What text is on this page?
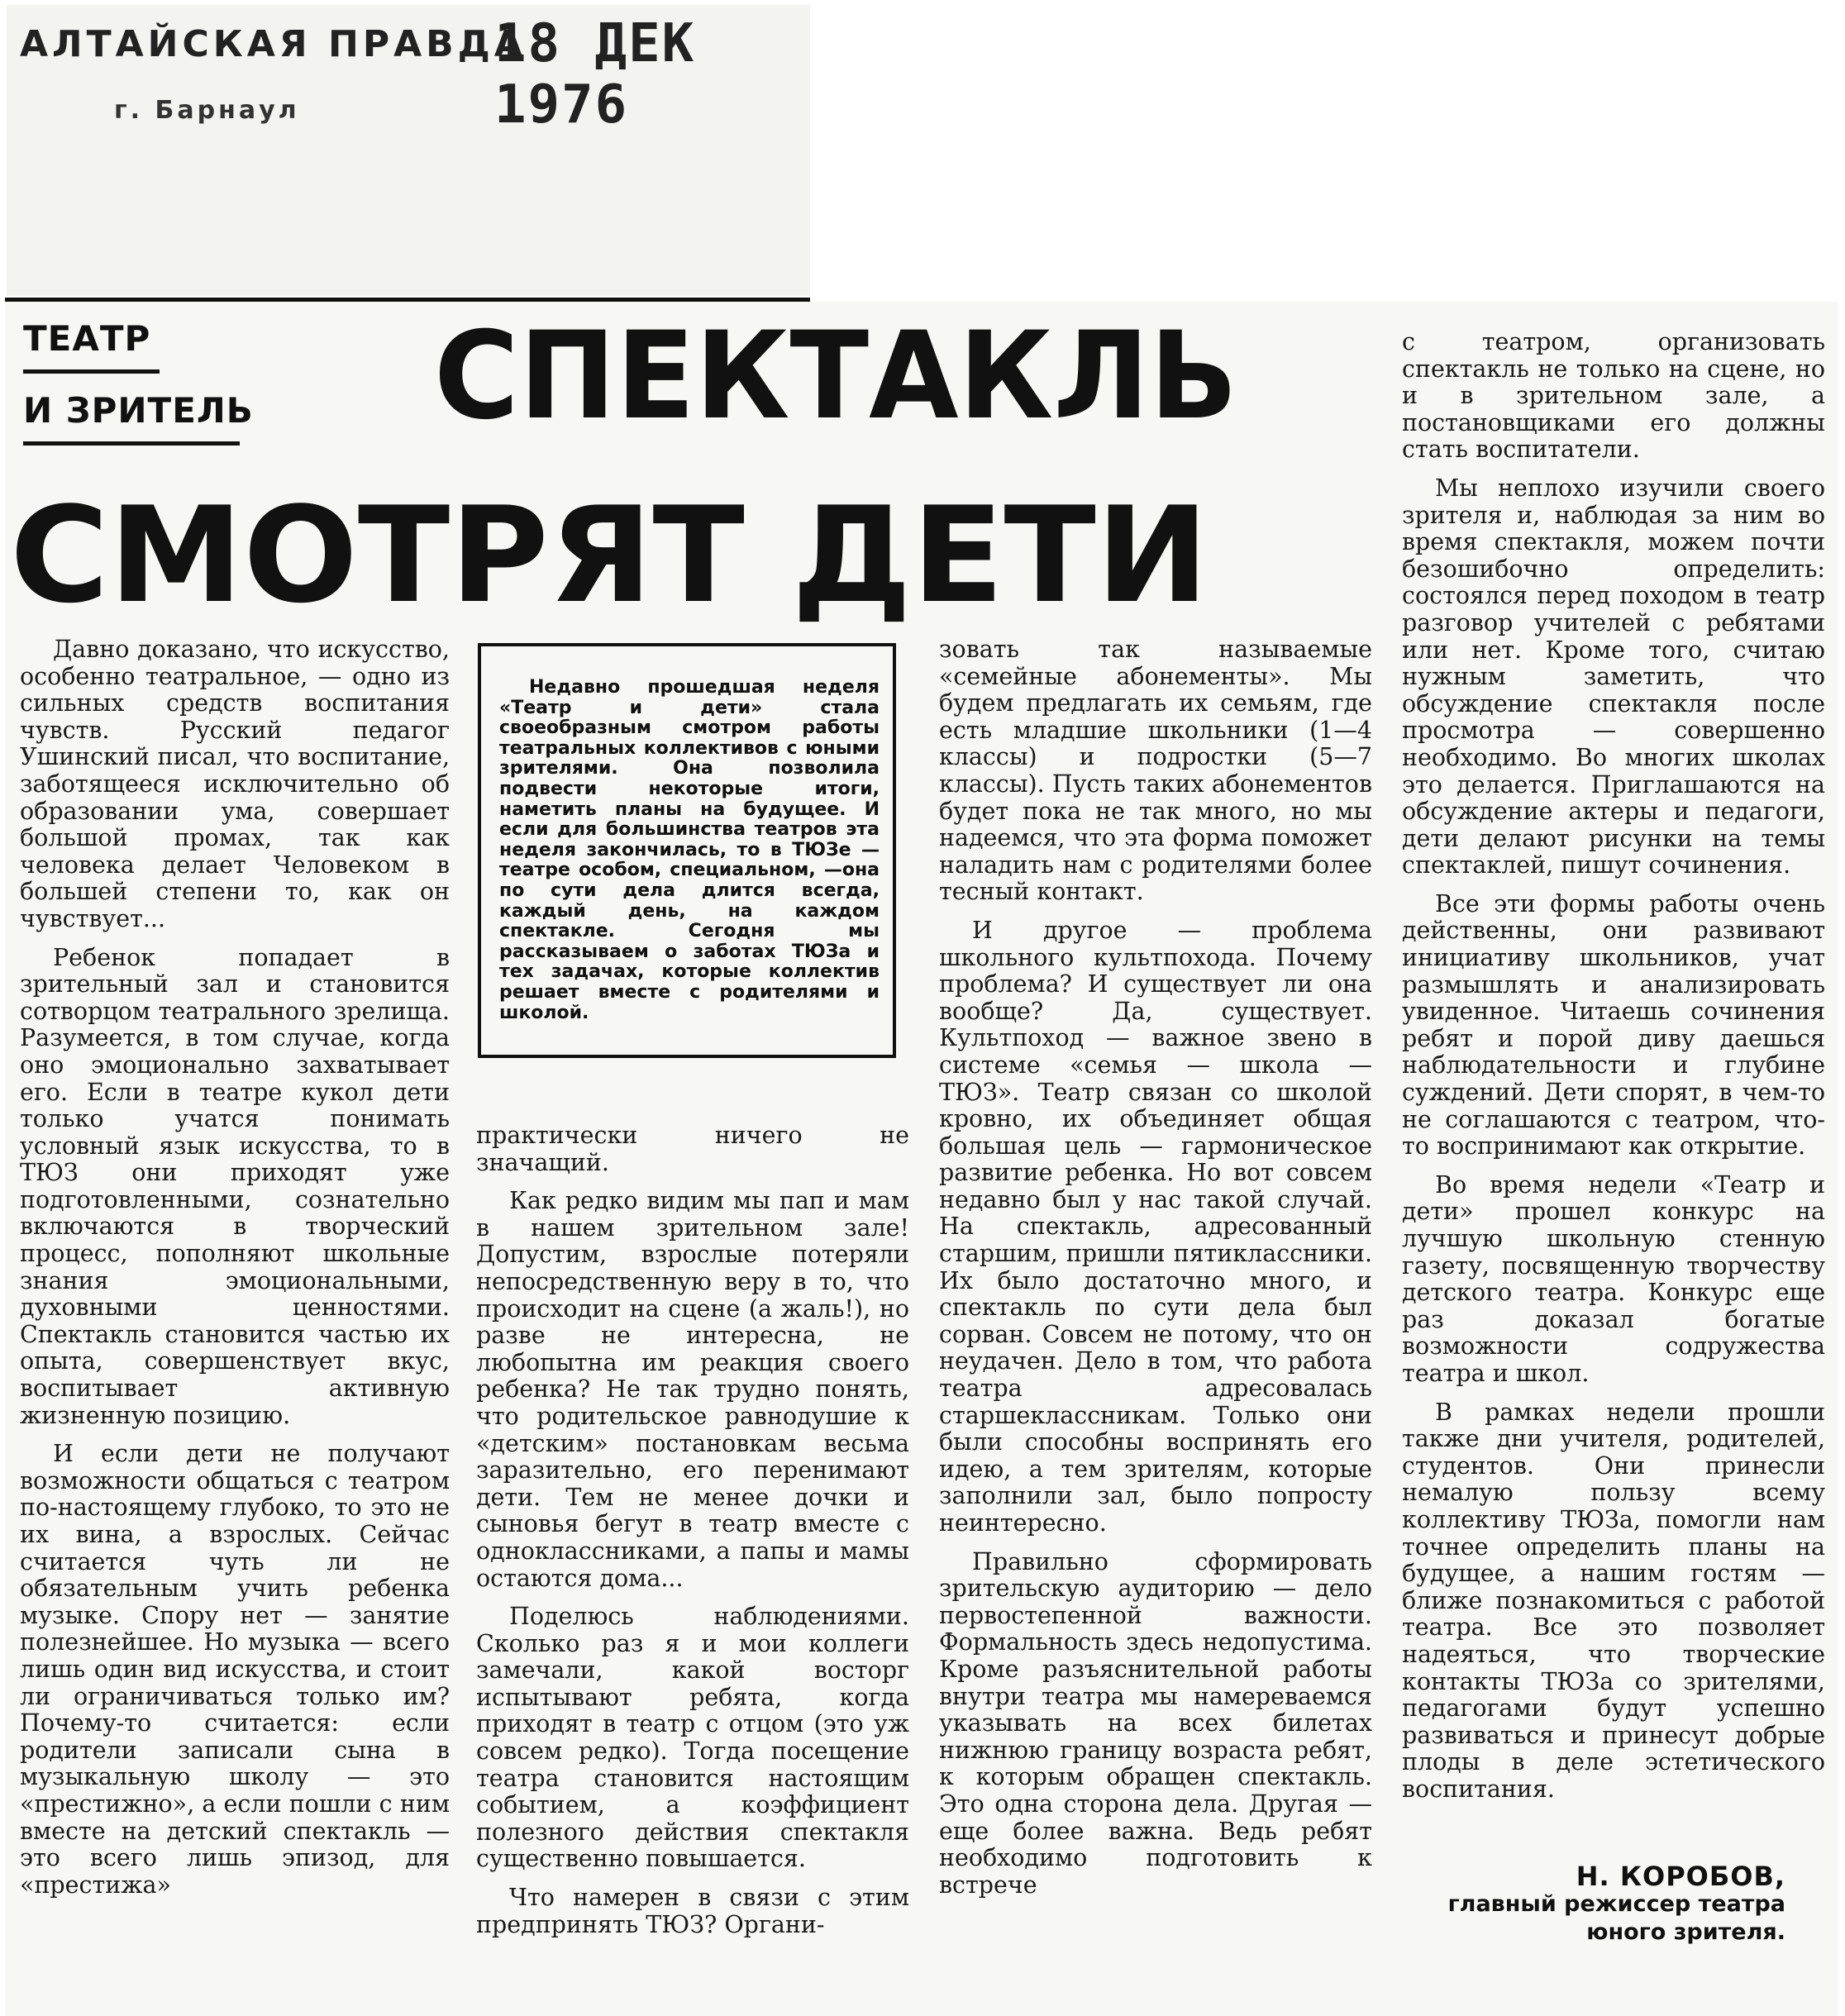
АЛТАЙСКАЯ ПРАВДА
г. Барнаул
18 ДЕК 1976
ТЕАТР
И ЗРИТЕЛЬ СПЕКТАКЛЬ
СМОТРЯТ ДЕТИ

Давно доказано, что искусство, особенно театральное, — одно из сильных средств воспитания чувств. Русский педагог Ушинский писал, что воспитание, заботящееся исключительно об образовании ума, совершает большой промах, так как человека делает Человеком в большей степени то, как он чувствует...

Ребенок попадает в зрительный зал и становится сотворцом театрального зрелища. Разумеется, в том случае, когда оно эмоционально захватывает его. Если в театре кукол дети только учатся понимать условный язык искусства, то в ТЮЗ они приходят уже подготовленными, сознательно включаются в творческий процесс, пополняют школьные знания эмоциональными, духовными ценностями. Спектакль становится частью их опыта, совершенствует вкус, воспитывает активную жизненную позицию.

И если дети не получают возможности общаться с театром по-настоящему глубоко, то это не их вина, а взрослых. Сейчас считается чуть ли не обязательным учить ребенка музыке. Спору нет — занятие полезнейшее. Но музыка — всего лишь один вид искусства, и стоит ли ограничиваться только им? Почему-то считается: если родители записали сына в музыкальную школу — это «престижно», а если пошли с ним вместе на детский спектакль — это всего лишь эпизод, для «престижа»

Недавно прошедшая неделя «Театр и дети» стала своеобразным смотром работы театральных коллективов с юными зрителями. Она позволила подвести некоторые итоги, наметить планы на будущее. И если для большинства театров эта неделя закончилась, то в ТЮЗе — театре особом, специальном, —она по сути дела длится всегда, каждый день, на каждом спектакле. Сегодня мы рассказываем о заботах ТЮЗа и тех задачах, которые коллектив решает вместе с родителями и школой.

практически ничего не значащий.

Как редко видим мы пап и мам в нашем зрительном зале! Допустим, взрослые потеряли непосредственную веру в то, что происходит на сцене (а жаль!), но разве не интересна, не любопытна им реакция своего ребенка? Не так трудно понять, что родительское равнодушие к «детским» постановкам весьма заразительно, его перенимают дети. Тем не менее дочки и сыновья бегут в театр вместе с одноклассниками, а папы и мамы остаются дома...

Поделюсь наблюдениями. Сколько раз я и мои коллеги замечали, какой восторг испытывают ребята, когда приходят в театр с отцом (это уж совсем редко). Тогда посещение театра становится настоящим событием, а коэффициент полезного действия спектакля существенно повышается.

Что намерен в связи с этим предпринять ТЮЗ? Органи-

зовать так называемые «семейные абонементы». Мы будем предлагать их семьям, где есть младшие школьники (1—4 классы) и подростки (5—7 классы). Пусть таких абонементов будет пока не так много, но мы надеемся, что эта форма поможет наладить нам с родителями более тесный контакт.

И другое — проблема школьного культпохода. Почему проблема? И существует ли она вообще? Да, существует. Культпоход — важное звено в системе «семья — школа — ТЮЗ». Театр связан со школой кровно, их объединяет общая большая цель — гармоническое развитие ребенка. Но вот совсем недавно был у нас такой случай. На спектакль, адресованный старшим, пришли пятиклассники. Их было достаточно много, и спектакль по сути дела был сорван. Совсем не потому, что он неудачен. Дело в том, что работа театра адресовалась старшеклассникам. Только они были способны воспринять его идею, а тем зрителям, которые заполнили зал, было попросту неинтересно.

Правильно сформировать зрительскую аудиторию — дело первостепенной важности. Формальность здесь недопустима. Кроме разъяснительной работы внутри театра мы намереваемся указывать на всех билетах нижнюю границу возраста ребят, к которым обращен спектакль. Это одна сторона дела. Другая — еще более важна. Ведь ребят необходимо подготовить к встрече

с театром, организовать спектакль не только на сцене, но и в зрительном зале, а постановщиками его должны стать воспитатели.

Мы неплохо изучили своего зрителя и, наблюдая за ним во время спектакля, можем почти безошибочно определить: состоялся перед походом в театр разговор учителей с ребятами или нет. Кроме того, считаю нужным заметить, что обсуждение спектакля после просмотра — совершенно необходимо. Во многих школах это делается. Приглашаются на обсуждение актеры и педагоги, дети делают рисунки на темы спектаклей, пишут сочинения.

Все эти формы работы очень действенны, они развивают инициативу школьников, учат размышлять и анализировать увиденное. Читаешь сочинения ребят и порой диву даешься наблюдательности и глубине суждений. Дети спорят, в чем-то не соглашаются с театром, что-то воспринимают как открытие.

Во время недели «Театр и дети» прошел конкурс на лучшую школьную стенную газету, посвященную творчеству детского театра. Конкурс еще раз доказал богатые возможности содружества театра и школ.

В рамках недели прошли также дни учителя, родителей, студентов. Они принесли немалую пользу всему коллективу ТЮЗа, помогли нам точнее определить планы на будущее, а нашим гостям — ближе познакомиться с работой театра. Все это позволяет надеяться, что творческие контакты ТЮЗа со зрителями, педагогами будут успешно развиваться и принесут добрые плоды в деле эстетического воспитания.

Н. КОРОБОВ,
главный режиссер театра юного зрителя.
